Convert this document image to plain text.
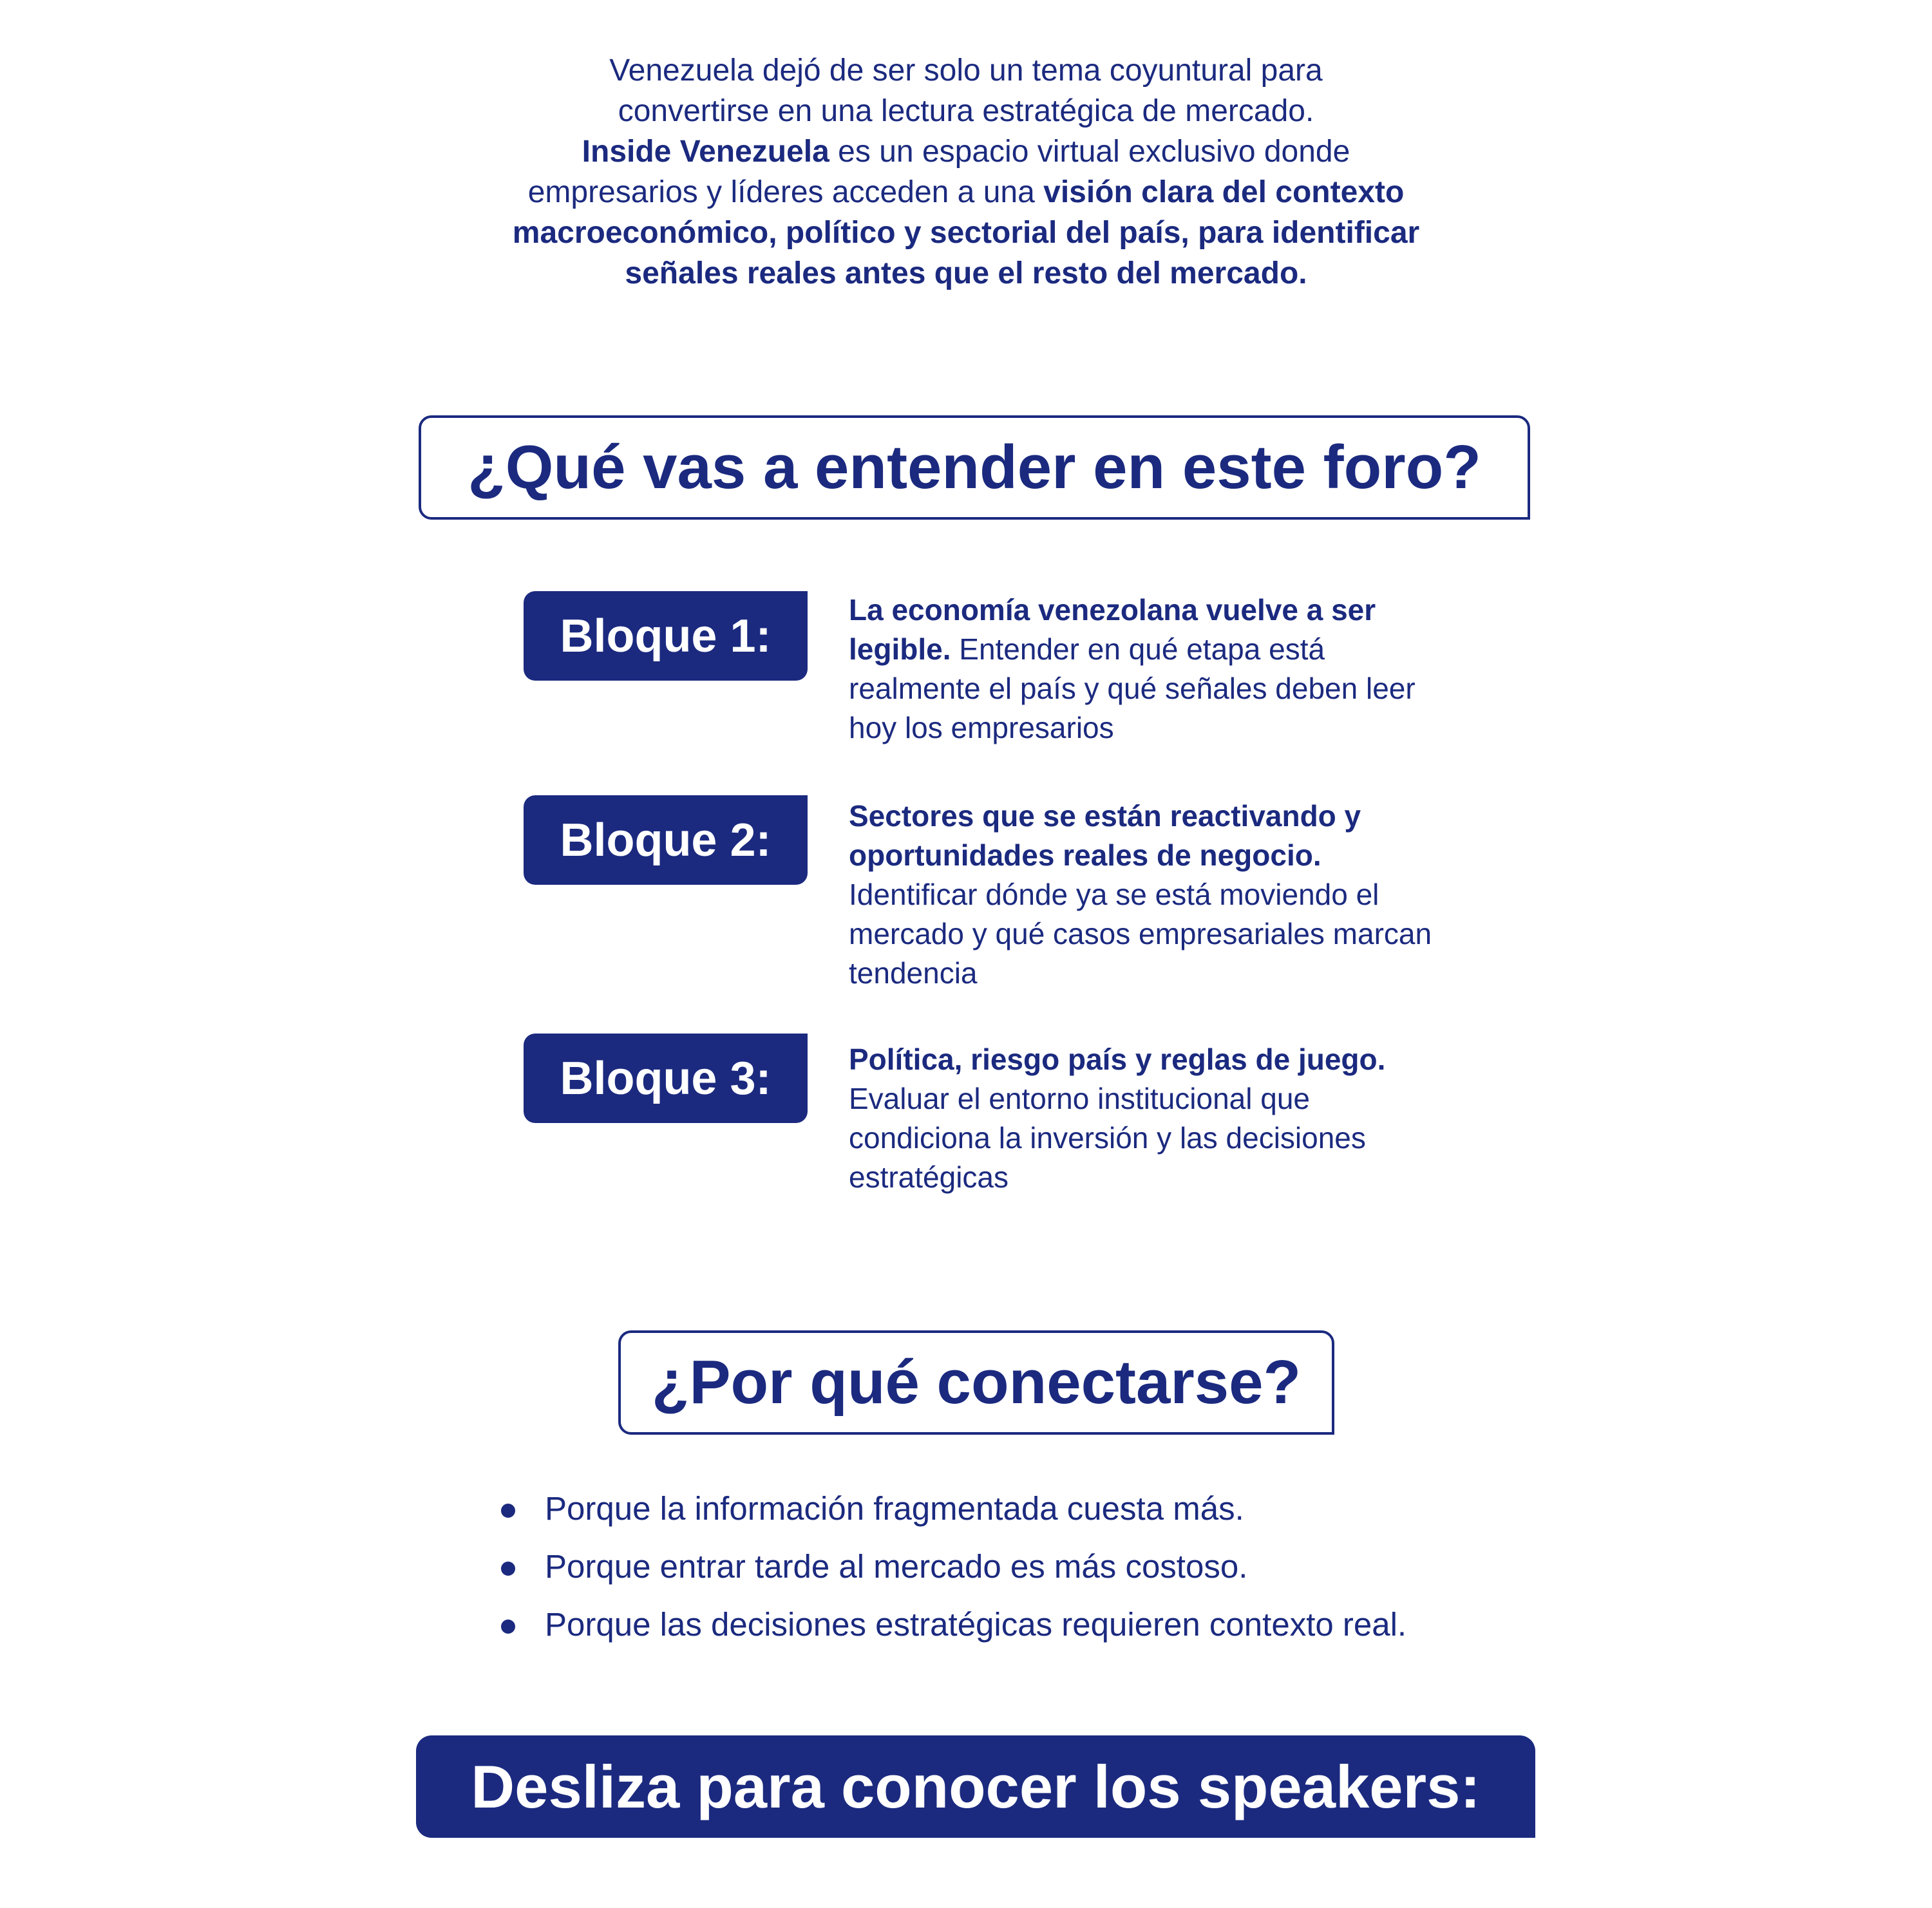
Venezuela dejó de ser solo un tema coyuntural para

convertirse en una lectura estratégica de mercado.

Inside Venezuela es un espacio virtual exclusivo donde

empresarios y líderes acceden a una visión clara del contexto

macroeconómico, político y sectorial del país, para identificar

señales reales antes que el resto del mercado.

¿Qué vas a entender en este foro?
Bloque 1:
La economía venezolana vuelve a ser legible. Entender en qué etapa está realmente el país y qué señales deben leer hoy los empresarios
Bloque 2:	Sectores que se están reactivando y oportunidades reales de negocio. Identificar dónde ya se está moviendo el mercado y qué casos empresariales marcan tendencia
Bloque 3:	Política, riesgo país y reglas de juego. Evaluar el entorno institucional que condiciona la inversión y las decisiones estratégicas
¿Por qué conectarse?
Porque la información fragmentada cuesta más.
Porque entrar tarde al mercado es más costoso.
Porque las decisiones estratégicas requieren contexto real.
Desliza para conocer los speakers:
